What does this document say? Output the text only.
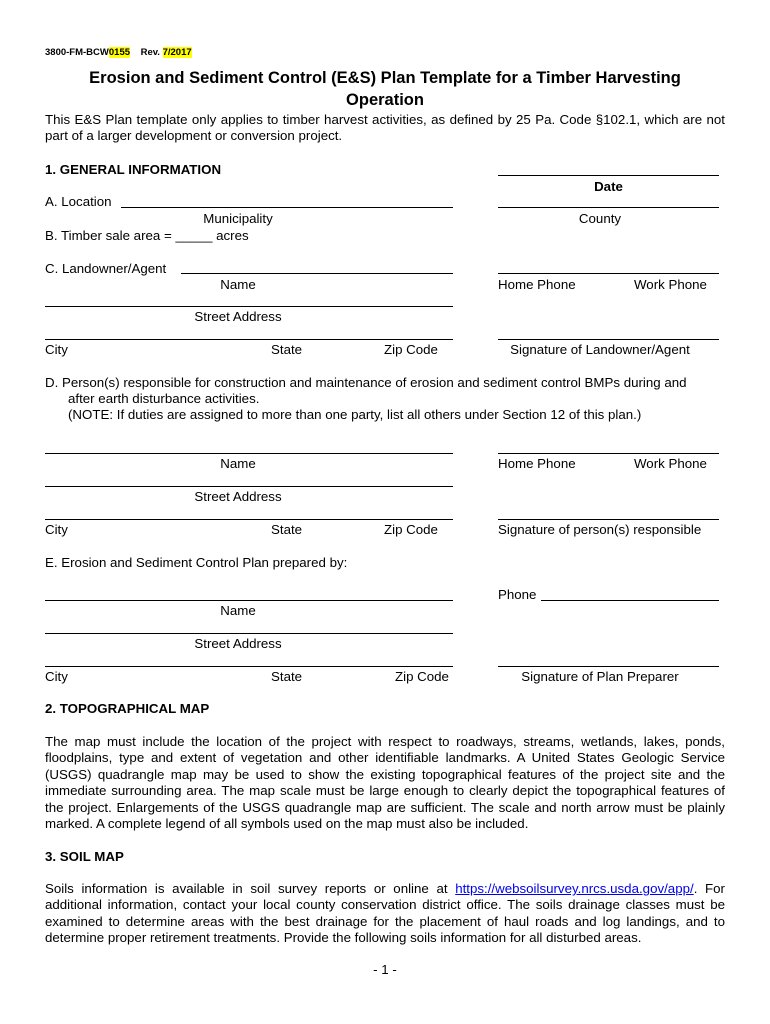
3800-FM-BCW0155 Rev. 7/2017
Erosion and Sediment Control (E&S) Plan Template for a Timber Harvesting
Operation
This E&S Plan template only applies to timber harvest activities, as defined by 25 Pa. Code §102.1, which are not part of a larger development or conversion project.
1. GENERAL INFORMATION
Date
A. Location
Municipality	County
B. Timber sale area = _____ acres
C. Landowner/Agent
Name	Home Phone	Work Phone
Street Address
City	State	Zip Code	Signature of Landowner/Agent
D. Person(s) responsible for construction and maintenance of erosion and sediment control BMPs during and
after earth disturbance activities.
(NOTE: If duties are assigned to more than one party, list all others under Section 12 of this plan.)
Name	Home Phone	Work Phone
Street Address
City	State	Zip Code	Signature of person(s) responsible
E. Erosion and Sediment Control Plan prepared by:
Phone
Name
Street Address
City	State	Zip Code	Signature of Plan Preparer
2. TOPOGRAPHICAL MAP
The map must include the location of the project with respect to roadways, streams, wetlands, lakes, ponds, floodplains, type and extent of vegetation and other identifiable landmarks. A United States Geologic Service (USGS) quadrangle map may be used to show the existing topographical features of the project site and the immediate surrounding area. The map scale must be large enough to clearly depict the topographical features of the project. Enlargements of the USGS quadrangle map are sufficient. The scale and north arrow must be plainly marked. A complete legend of all symbols used on the map must also be included.
3. SOIL MAP
Soils information is available in soil survey reports or online at https://websoilsurvey.nrcs.usda.gov/app/. For additional information, contact your local county conservation district office. The soils drainage classes must be examined to determine areas with the best drainage for the placement of haul roads and log landings, and to determine proper retirement treatments. Provide the following soils information for all disturbed areas.
- 1 -
